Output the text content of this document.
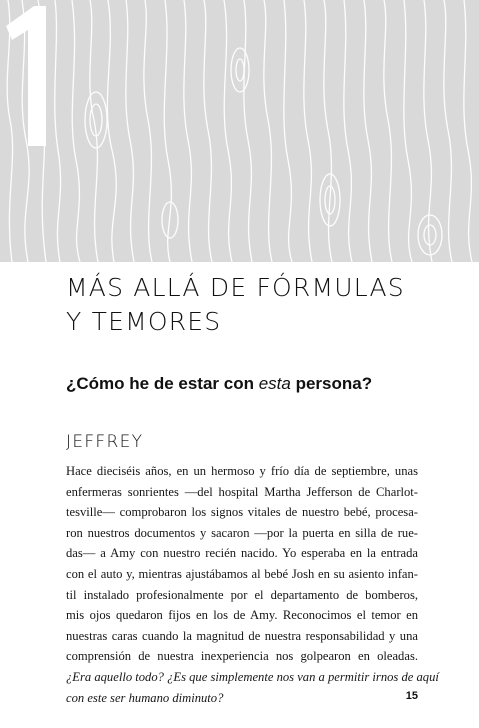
MÁS ALLÁ DE FÓRMULAS
Y TEMORES
¿Cómo he de estar con esta persona?
JEFFREY
Hace dieciséis años, en un hermoso y frío día de septiembre, unas
enfermeras sonrientes —del hospital Martha Jefferson de Charlot-
tesville— comprobaron los signos vitales de nuestro bebé, procesa-
ron nuestros documentos y sacaron —por la puerta en silla de rue-
das— a Amy con nuestro recién nacido. Yo esperaba en la entrada
con el auto y, mientras ajustábamos al bebé Josh en su asiento infan-
til instalado profesionalmente por el departamento de bomberos,
mis ojos quedaron fijos en los de Amy. Reconocimos el temor en
nuestras caras cuando la magnitud de nuestra responsabilidad y una
comprensión de nuestra inexperiencia nos golpearon en oleadas.
¿Era aquello todo? ¿Es que simplemente nos van a permitir irnos de aquí
con este ser humano diminuto?	15
